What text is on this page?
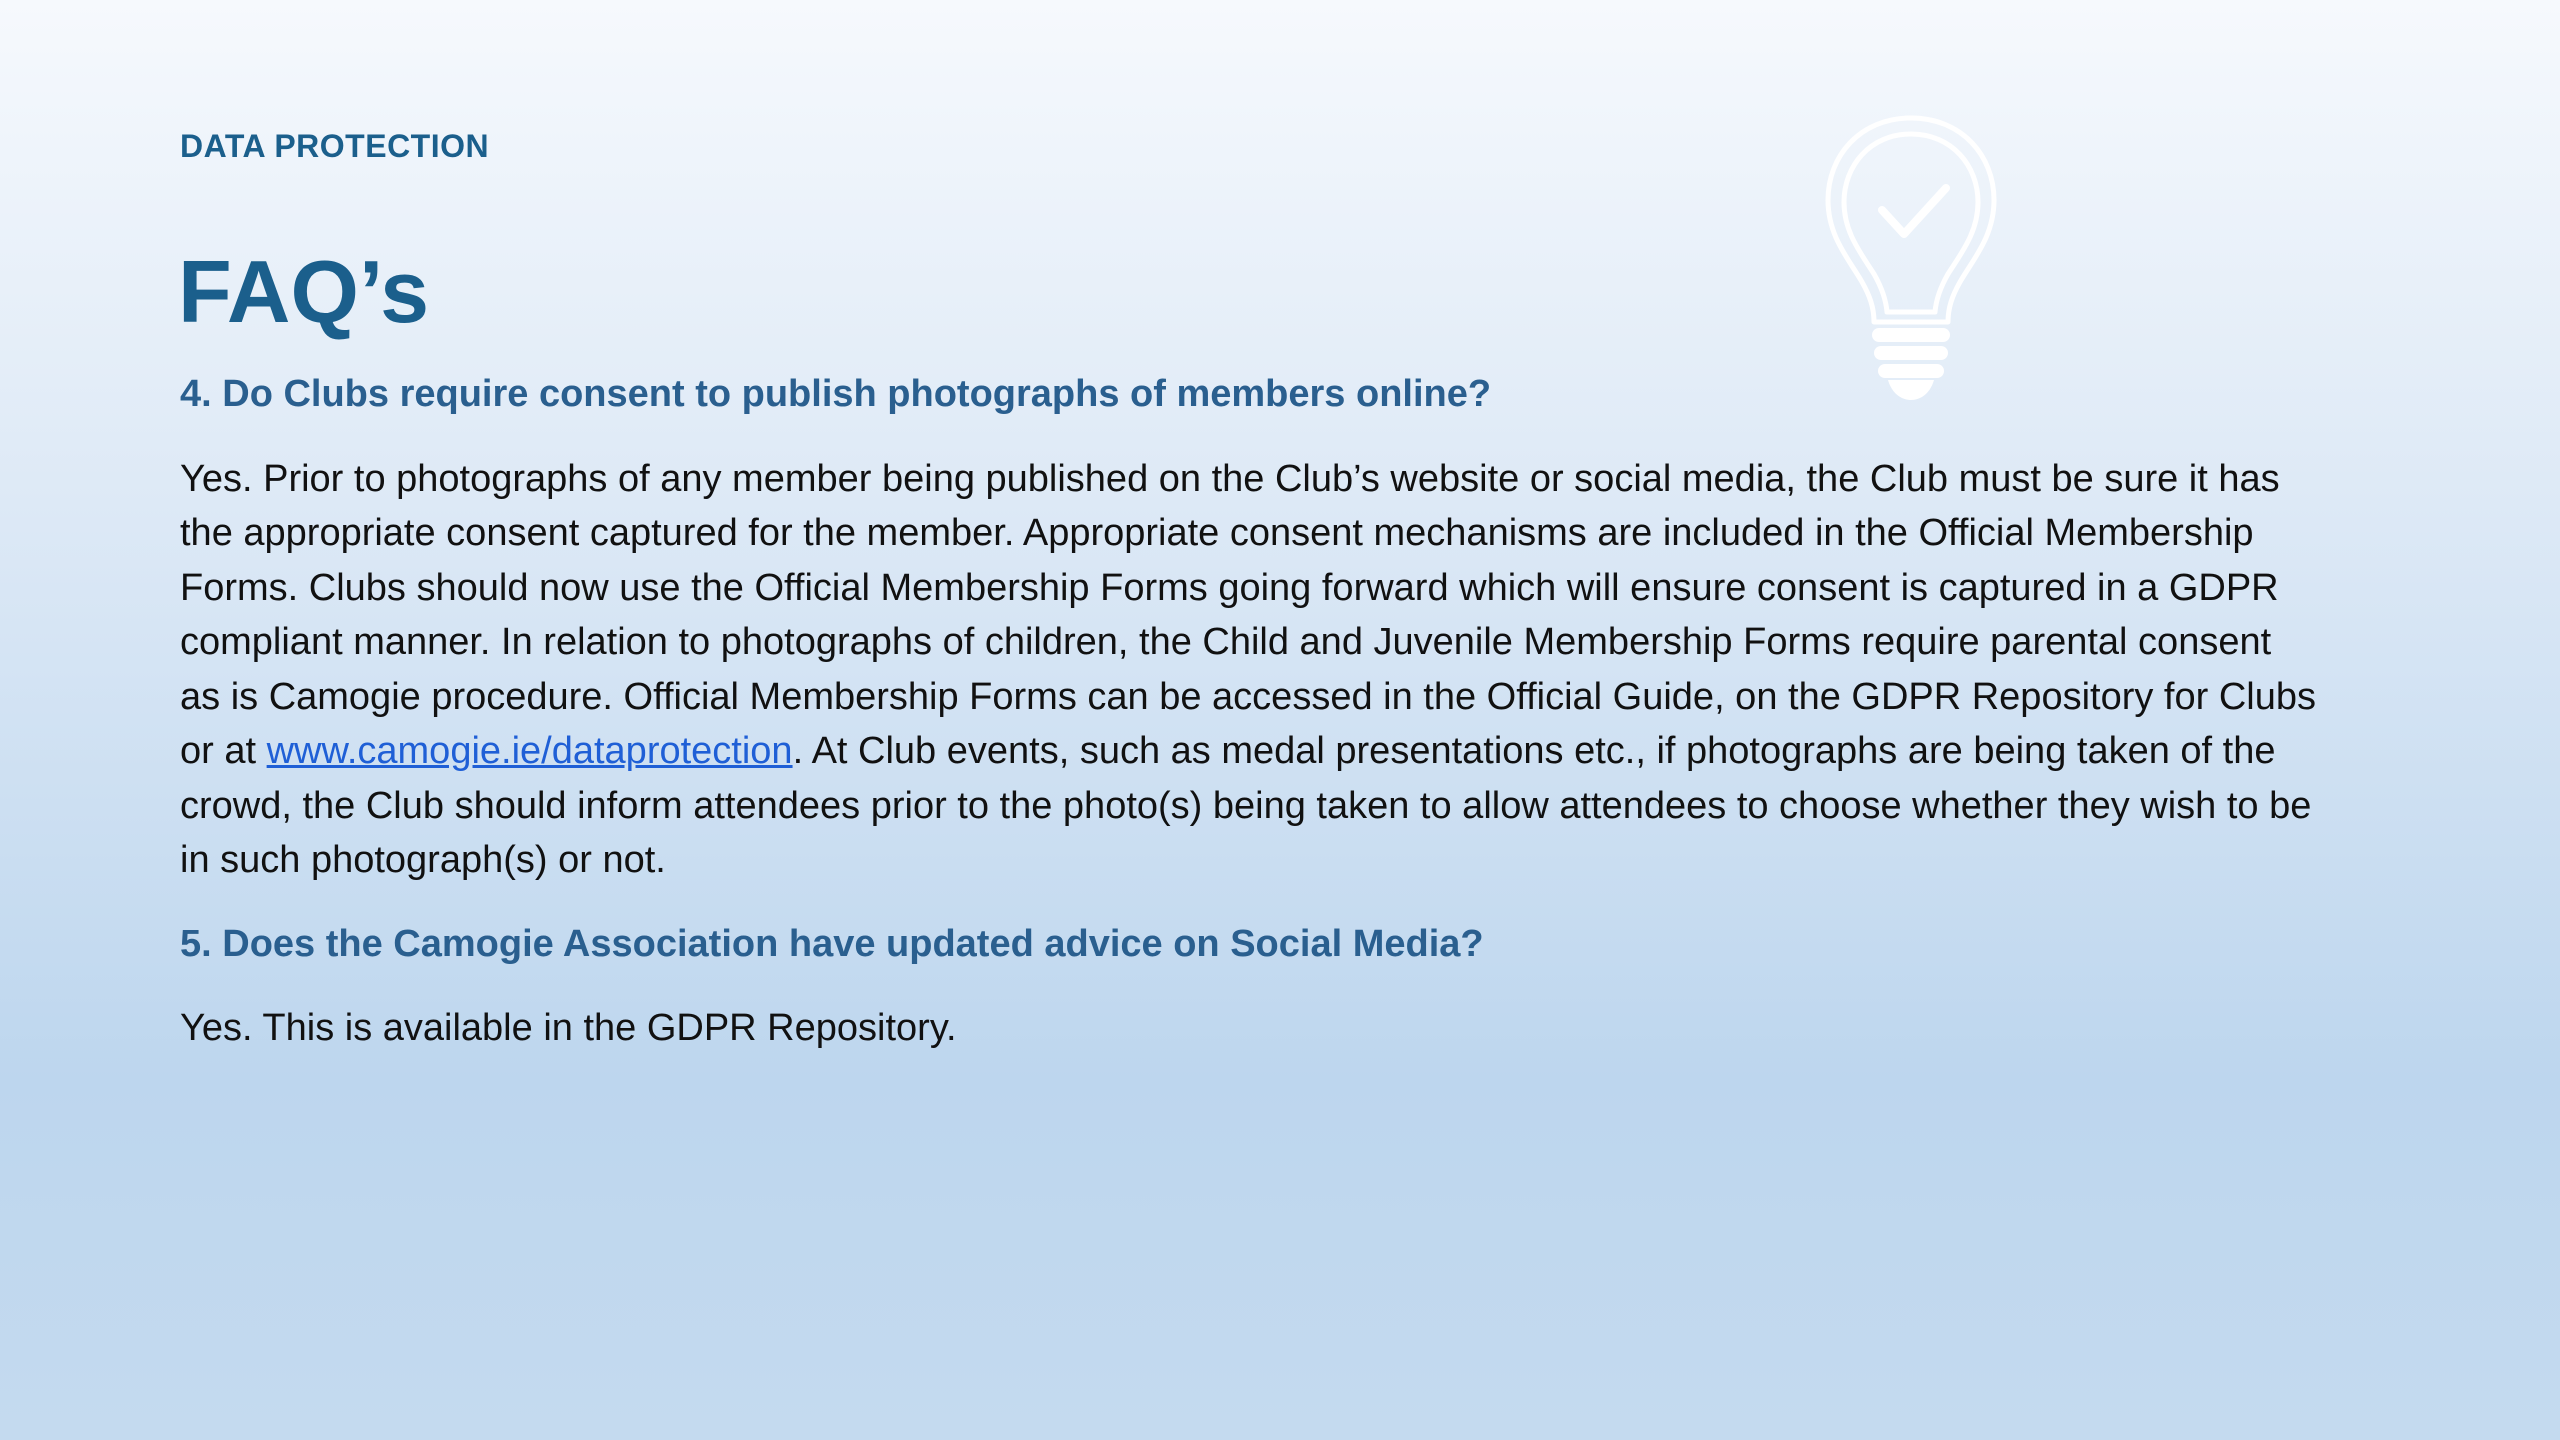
DATA PROTECTION
FAQ’s
4. Do Clubs require consent to publish photographs of members online?

Yes. Prior to photographs of any member being published on the Club’s website or social media, the Club must be sure it has the appropriate consent captured for the member. Appropriate consent mechanisms are included in the Official Membership Forms. Clubs should now use the Official Membership Forms going forward which will ensure consent is captured in a GDPR compliant manner. In relation to photographs of children, the Child and Juvenile Membership Forms require parental consent as is Camogie procedure. Official Membership Forms can be accessed in the Official Guide, on the GDPR Repository for Clubs or at www.camogie.ie/dataprotection. At Club events, such as medal presentations etc., if photographs are being taken of the crowd, the Club should inform attendees prior to the photo(s) being taken to allow attendees to choose whether they wish to be in such photograph(s) or not.

5. Does the Camogie Association have updated advice on Social Media?

Yes. This is available in the GDPR Repository.
